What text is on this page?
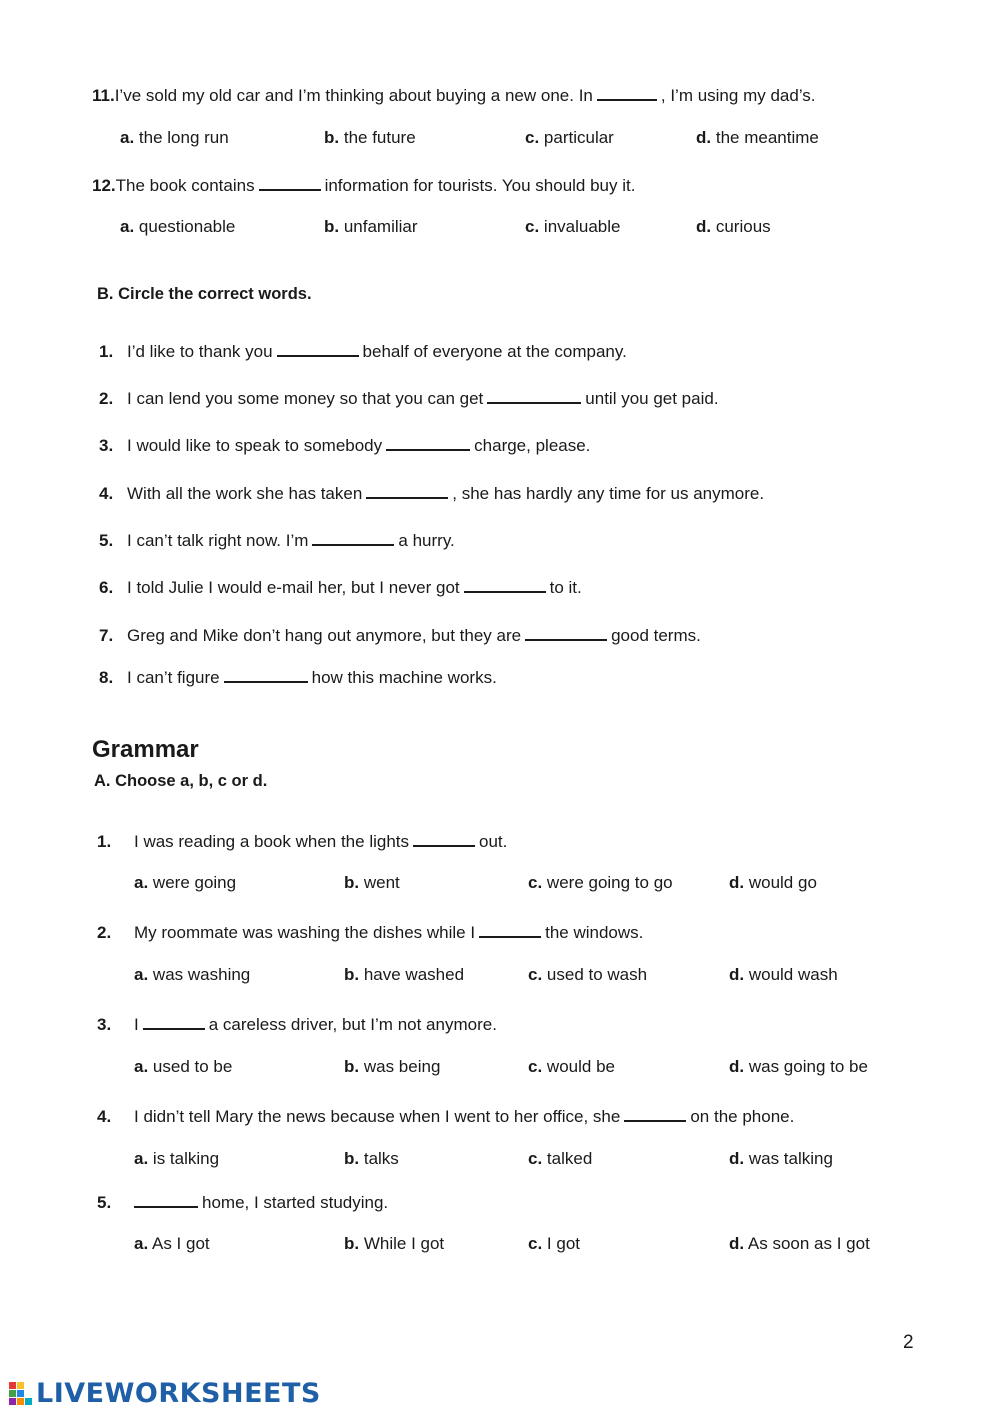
11.I’ve sold my old car and I’m thinking about buying a new one. In	, I’m using my dad’s.
a. the long run	b. the future	c. particular	d. the meantime
12.The book contains	information for tourists. You should buy it.
a. questionable	b. unfamiliar	c. invaluable	d. curious
B. Circle the correct words.
1. I’d like to thank you	behalf of everyone at the company.
2. I can lend you some money so that you can get	until you get paid.
3. I would like to speak to somebody	charge, please.
4. With all the work she has taken	, she has hardly any time for us anymore.
5. I can’t talk right now. I’m	a hurry.
6. I told Julie I would e-mail her, but I never got	to it.
7. Greg and Mike don’t hang out anymore, but they are	good terms.
8. I can’t figure	how this machine works.
Grammar
A. Choose a, b, c or d.
1. I was reading a book when the lights	out.
a. were going	b. went	c. were going to go	d. would go
2. My roommate was washing the dishes while I	the windows.
a. was washing	b. have washed	c. used to wash	d. would wash
3. I	a careless driver, but I’m not anymore.
a. used to be	b. was being	c. would be	d. was going to be
4. I didn’t tell Mary the news because when I went to her office, she	on the phone.
a. is talking	b. talks	c. talked	d. was talking
5.	home, I started studying.
a. As I got	b. While I got	c. I got	d. As soon as I got
2
LIVEWORKSHEETS
